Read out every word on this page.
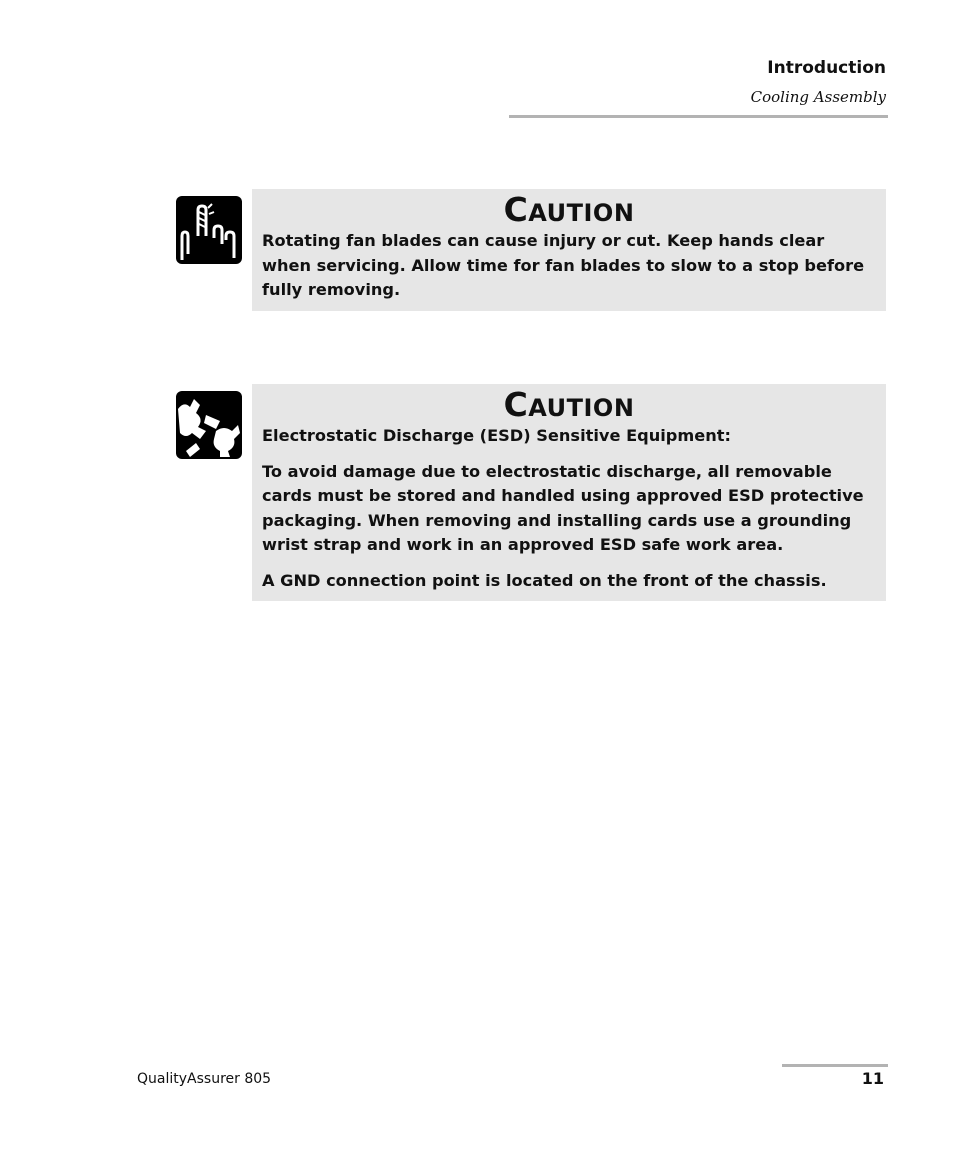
Introduction
Cooling Assembly
CAUTION

Rotating fan blades can cause injury or cut. Keep hands clear when servicing. Allow time for fan blades to slow to a stop before fully removing.

CAUTION

Electrostatic Discharge (ESD) Sensitive Equipment:

To avoid damage due to electrostatic discharge, all removable cards must be stored and handled using approved ESD protective packaging. When removing and installing cards use a grounding wrist strap and work in an approved ESD safe work area.

A GND connection point is located on the front of the chassis.

QualityAssurer 805	11
